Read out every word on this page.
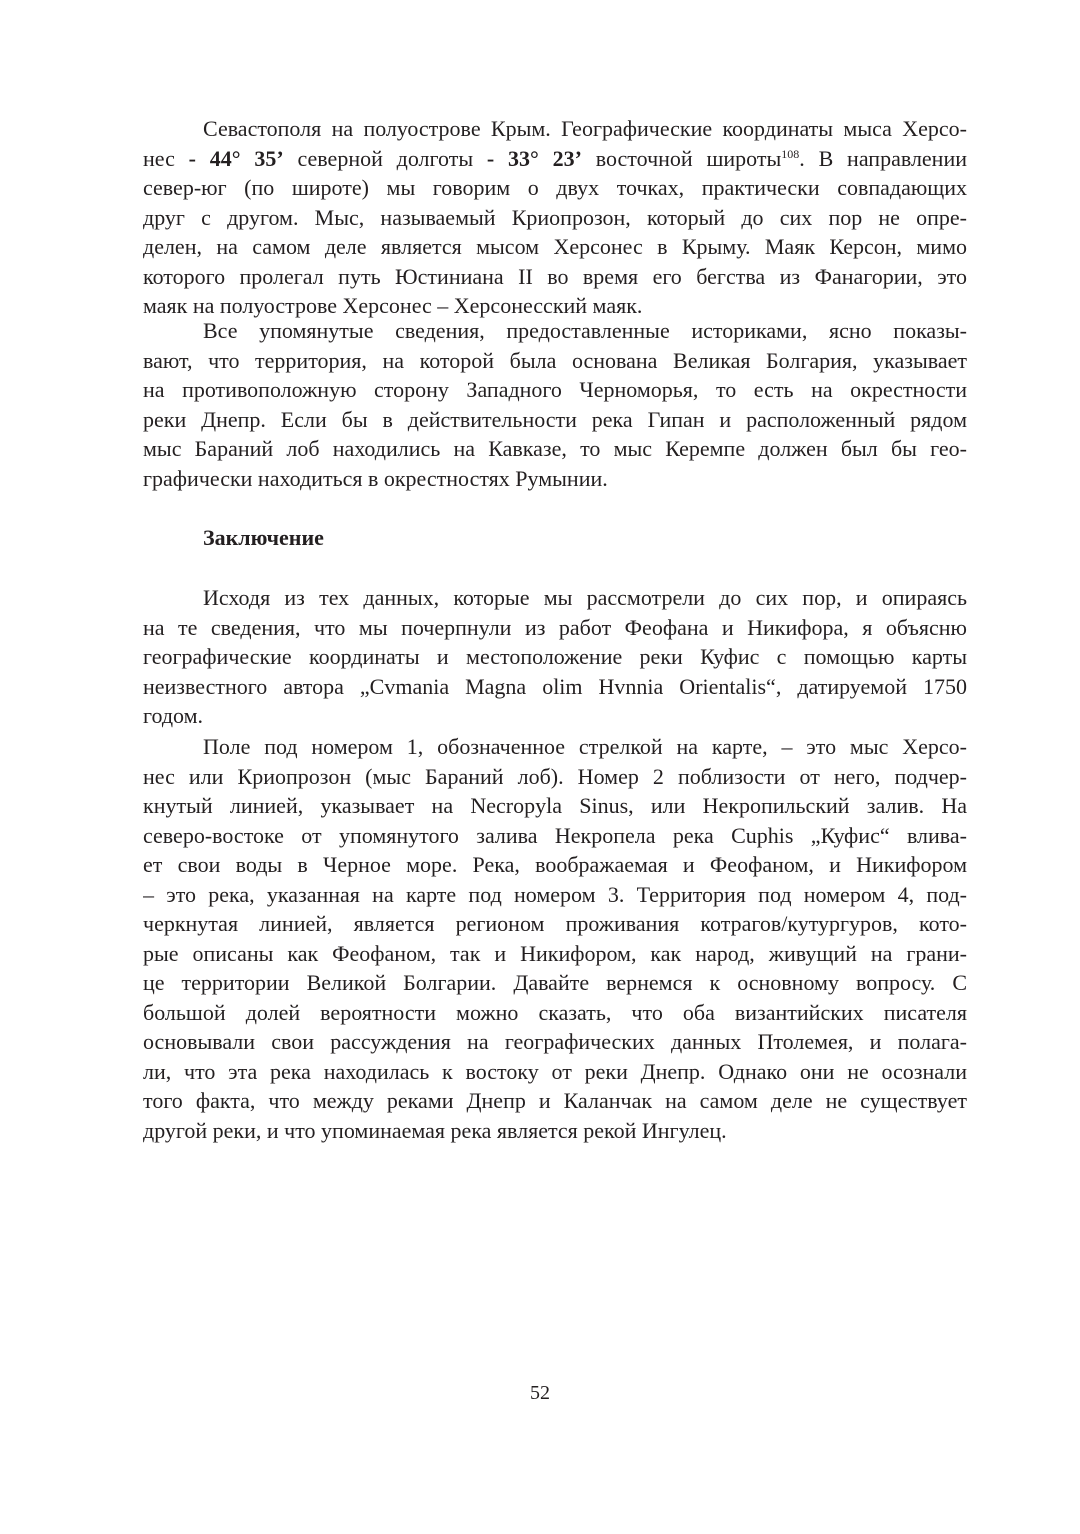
Севастополя на полуострове Крым. Географические координаты мыса Херсо-
нес - 44° 35’ северной долготы - 33° 23’ восточной широты$^{108}$. В направлении
север-юг (по широте) мы говорим о двух точках, практически совпадающих
друг с другом. Мыс, называемый Криопрозон, который до сих пор не опре-
делен, на самом деле является мысом Херсонес в Крыму. Маяк Керсон, мимо
которого пролегал путь Юстиниана II во время его бегства из Фанагории, это
маяк на полуострове Херсонес – Херсонесский маяк.
Все упомянутые сведения, предоставленные историками, ясно показы-
вают, что территория, на которой была основана Великая Болгария, указывает
на противоположную сторону Западного Черноморья, то есть на окрестности
реки Днепр. Если бы в действительности река Гипан и расположенный рядом
мыс Бараний лоб находились на Кавказе, то мыс Керемпе должен был бы гео-
графически находиться в окрестностях Румынии.
Заключение
Исходя из тех данных, которые мы рассмотрели до сих пор, и опираясь
на те сведения, что мы почерпнули из работ Феофана и Никифора, я объясню
географические координаты и местоположение реки Куфис с помощью карты
неизвестного автора „Cvmania Magna olim Hvnnia Orientalis“, датируемой 1750
годом.
Поле под номером 1, обозначенное стрелкой на карте, – это мыс Херсо-
нес или Криопрозон (мыс Бараний лоб). Номер 2 поблизости от него, подчер-
кнутый линией, указывает на Necropyla Sinus, или Некропильский залив. На
северо-востоке от упомянутого залива Некропела река Cuphis „Куфис“ влива-
ет свои воды в Черное море. Река, воображаемая и Феофаном, и Никифором
– это река, указанная на карте под номером 3. Территория под номером 4, под-
черкнутая линией, является регионом проживания котрагов/кутургуров, кото-
рые описаны как Феофаном, так и Никифором, как народ, живущий на грани-
це территории Великой Болгарии. Давайте вернемся к основному вопросу. С
большой долей вероятности можно сказать, что оба византийских писателя
основывали свои рассуждения на географических данных Птолемея, и полага-
ли, что эта река находилась к востоку от реки Днепр. Однако они не осознали
того факта, что между реками Днепр и Каланчак на самом деле не существует
другой реки, и что упоминаемая река является рекой Ингулец.
52
